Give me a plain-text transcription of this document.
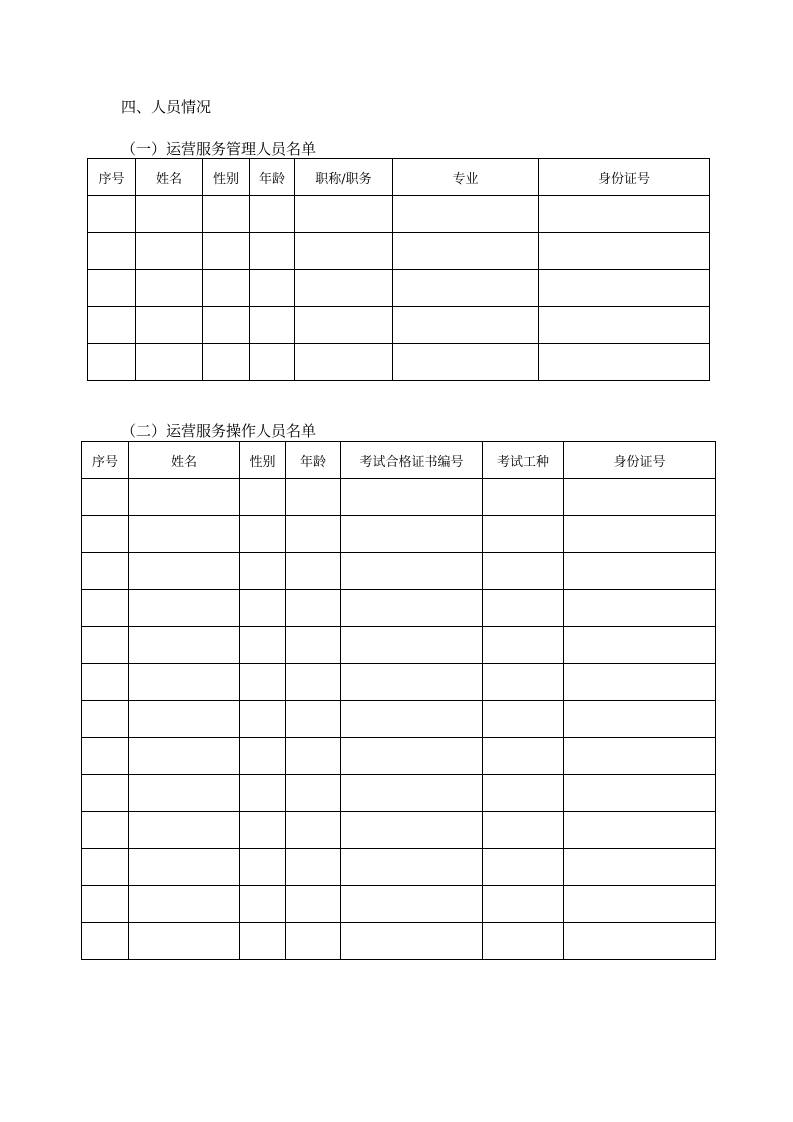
四、人员情况
（一）运营服务管理人员名单
序号	姓名	性别	年龄	职称/职务	专业	身份证号

（二）运营服务操作人员名单
序号	姓名	性别	年龄	考试合格证书编号	考试工种	身份证号
